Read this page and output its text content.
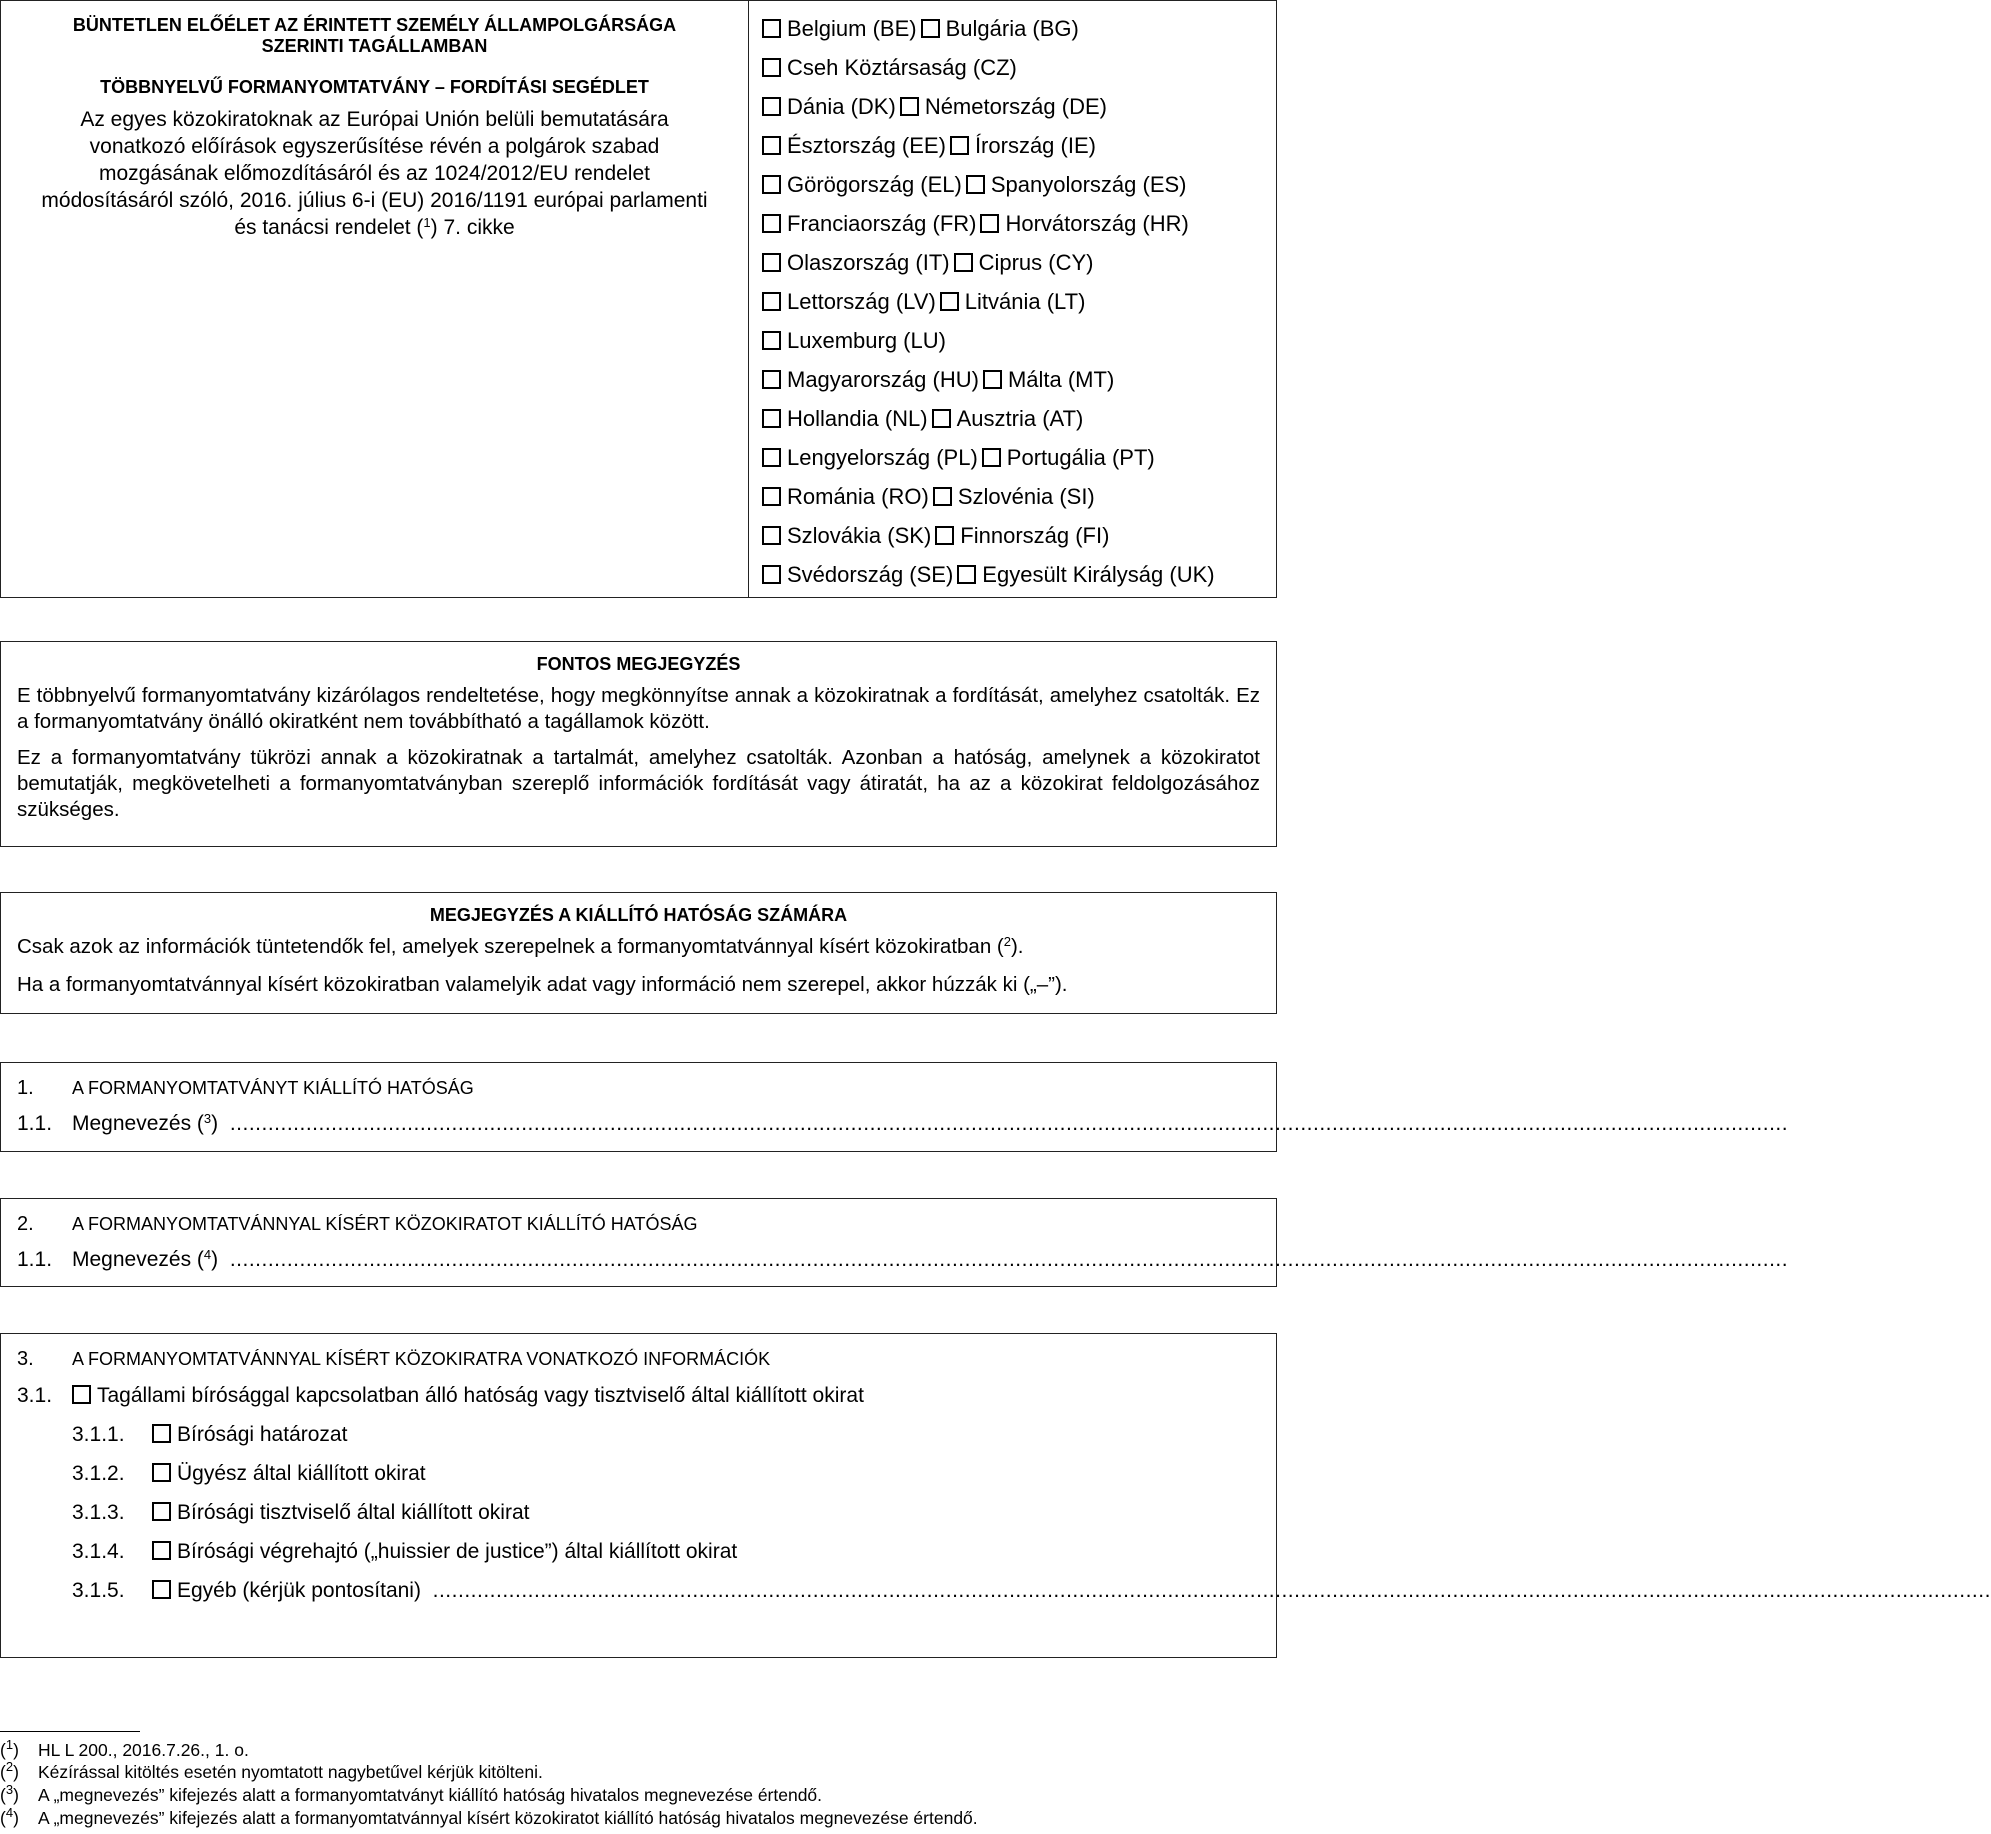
BÜNTETLEN ELŐÉLET AZ ÉRINTETT SZEMÉLY ÁLLAMPOLGÁRSÁGA SZERINTI TAGÁLLAMBAN
TÖBBNYELVŰ FORMANYOMTATVÁNY – FORDÍTÁSI SEGÉDLET
Az egyes közokiratoknak az Európai Unión belüli bemutatására vonatkozó előírások egyszerűsítése révén a polgárok szabad mozgásának előmozdításáról és az 1024/2012/EU rendelet módosításáról szóló, 2016. július 6-i (EU) 2016/1191 európai parlamenti és tanácsi rendelet ($^1$) 7. cikke
Belgium (BE) Bulgária (BG)
Cseh Köztársaság (CZ)
Dánia (DK) Németország (DE)
Észtország (EE) Írország (IE)
Görögország (EL) Spanyolország (ES)
Franciaország (FR) Horvátország (HR)
Olaszország (IT) Ciprus (CY)
Lettország (LV) Litvánia (LT)
Luxemburg (LU)
Magyarország (HU) Málta (MT)
Hollandia (NL) Ausztria (AT)
Lengyelország (PL) Portugália (PT)
Románia (RO) Szlovénia (SI)
Szlovákia (SK) Finnország (FI)
Svédország (SE) Egyesült Királyság (UK)
FONTOS MEGJEGYZÉS
E többnyelvű formanyomtatvány kizárólagos rendeltetése, hogy megkönnyítse annak a közokiratnak a fordítását, amelyhez csatolták. Ez a formanyomtatvány önálló okiratként nem továbbítható a tagállamok között.
Ez a formanyomtatvány tükrözi annak a közokiratnak a tartalmát, amelyhez csatolták. Azonban a hatóság, amelynek a közokiratot bemutatják, megkövetelheti a formanyomtatványban szereplő információk fordítását vagy átiratát, ha az a közokirat feldolgozásához szükséges.
MEGJEGYZÉS A KIÁLLÍTÓ HATÓSÁG SZÁMÁRA
Csak azok az információk tüntetendők fel, amelyek szerepelnek a formanyomtatvánnyal kísért közokiratban ($^2$).
Ha a formanyomtatvánnyal kísért közokiratban valamelyik adat vagy információ nem szerepel, akkor húzzák ki („–”).
1. A FORMANYOMTATVÁNYT KIÁLLÍTÓ HATÓSÁG
1.1. Megnevezés ($^3$) ......................................................................................................................................................................................................................................................
2. A FORMANYOMTATVÁNNYAL KÍSÉRT KÖZOKIRATOT KIÁLLÍTÓ HATÓSÁG
1.1. Megnevezés ($^4$) ......................................................................................................................................................................................................................................................
3. A FORMANYOMTATVÁNNYAL KÍSÉRT KÖZOKIRATRA VONATKOZÓ INFORMÁCIÓK
3.1. Tagállami bírósággal kapcsolatban álló hatóság vagy tisztviselő által kiállított okirat
3.1.1. Bírósági határozat
3.1.2. Ügyész által kiállított okirat
3.1.3. Bírósági tisztviselő által kiállított okirat
3.1.4. Bírósági végrehajtó („huissier de justice”) által kiállított okirat
3.1.5. Egyéb (kérjük pontosítani) ......................................................................................................................................................................................................................................................
($^1$) HL L 200., 2016.7.26., 1. o.
($^2$) Kézírással kitöltés esetén nyomtatott nagybetűvel kérjük kitölteni.
($^3$) A „megnevezés” kifejezés alatt a formanyomtatványt kiállító hatóság hivatalos megnevezése értendő.
($^4$) A „megnevezés” kifejezés alatt a formanyomtatvánnyal kísért közokiratot kiállító hatóság hivatalos megnevezése értendő.
